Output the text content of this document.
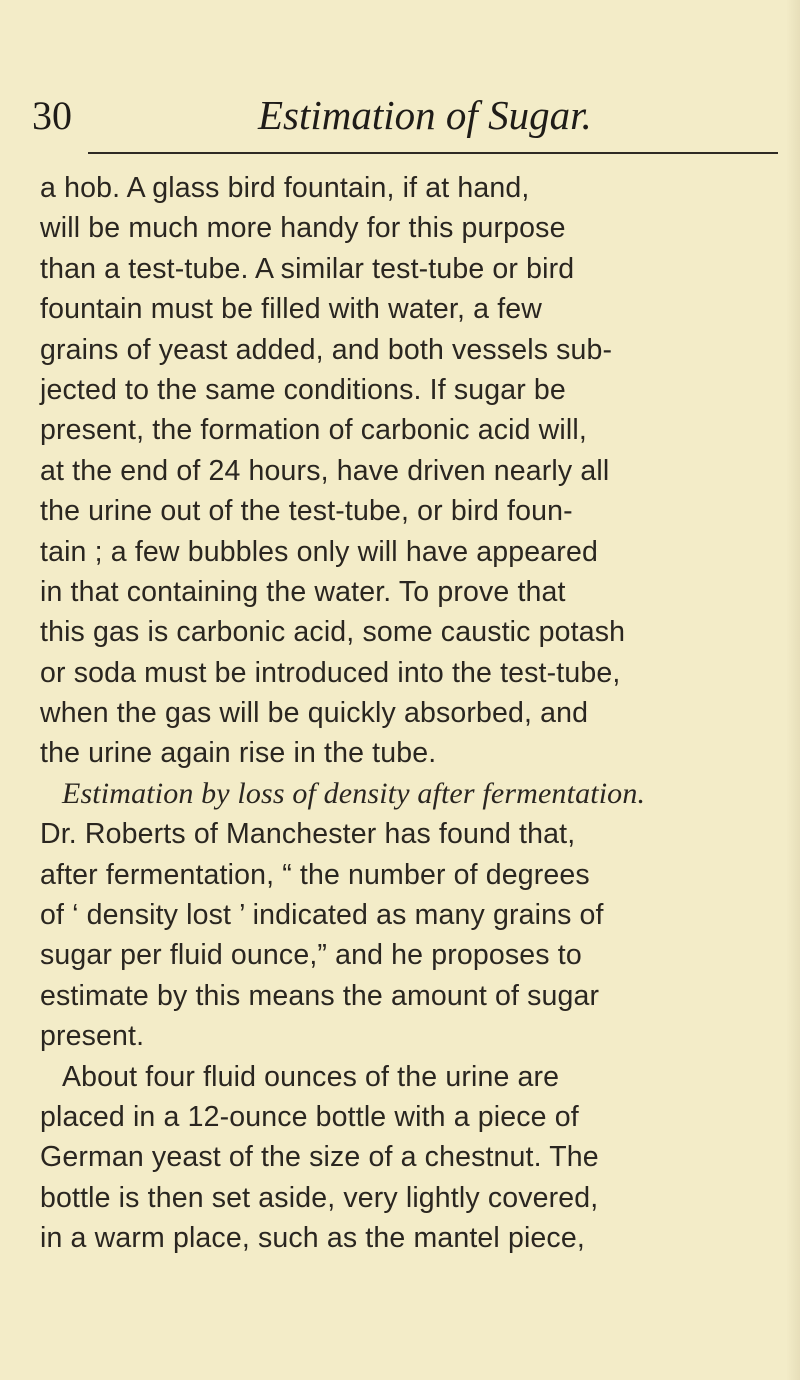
30	Estimation of Sugar.
a hob. A glass bird fountain, if at hand,
will be much more handy for this purpose
than a test-tube. A similar test-tube or bird
fountain must be filled with water, a few
grains of yeast added, and both vessels sub-
jected to the same conditions. If sugar be
present, the formation of carbonic acid will,
at the end of 24 hours, have driven nearly all
the urine out of the test-tube, or bird foun-
tain ; a few bubbles only will have appeared
in that containing the water. To prove that
this gas is carbonic acid, some caustic potash
or soda must be introduced into the test-tube,
when the gas will be quickly absorbed, and
the urine again rise in the tube.
Estimation by loss of density after fermentation.
Dr. Roberts of Manchester has found that,
after fermentation, “ the number of degrees
of ‘ density lost ’ indicated as many grains of
sugar per fluid ounce,” and he proposes to
estimate by this means the amount of sugar
present.
About four fluid ounces of the urine are
placed in a 12-ounce bottle with a piece of
German yeast of the size of a chestnut. The
bottle is then set aside, very lightly covered,
in a warm place, such as the mantel piece,
